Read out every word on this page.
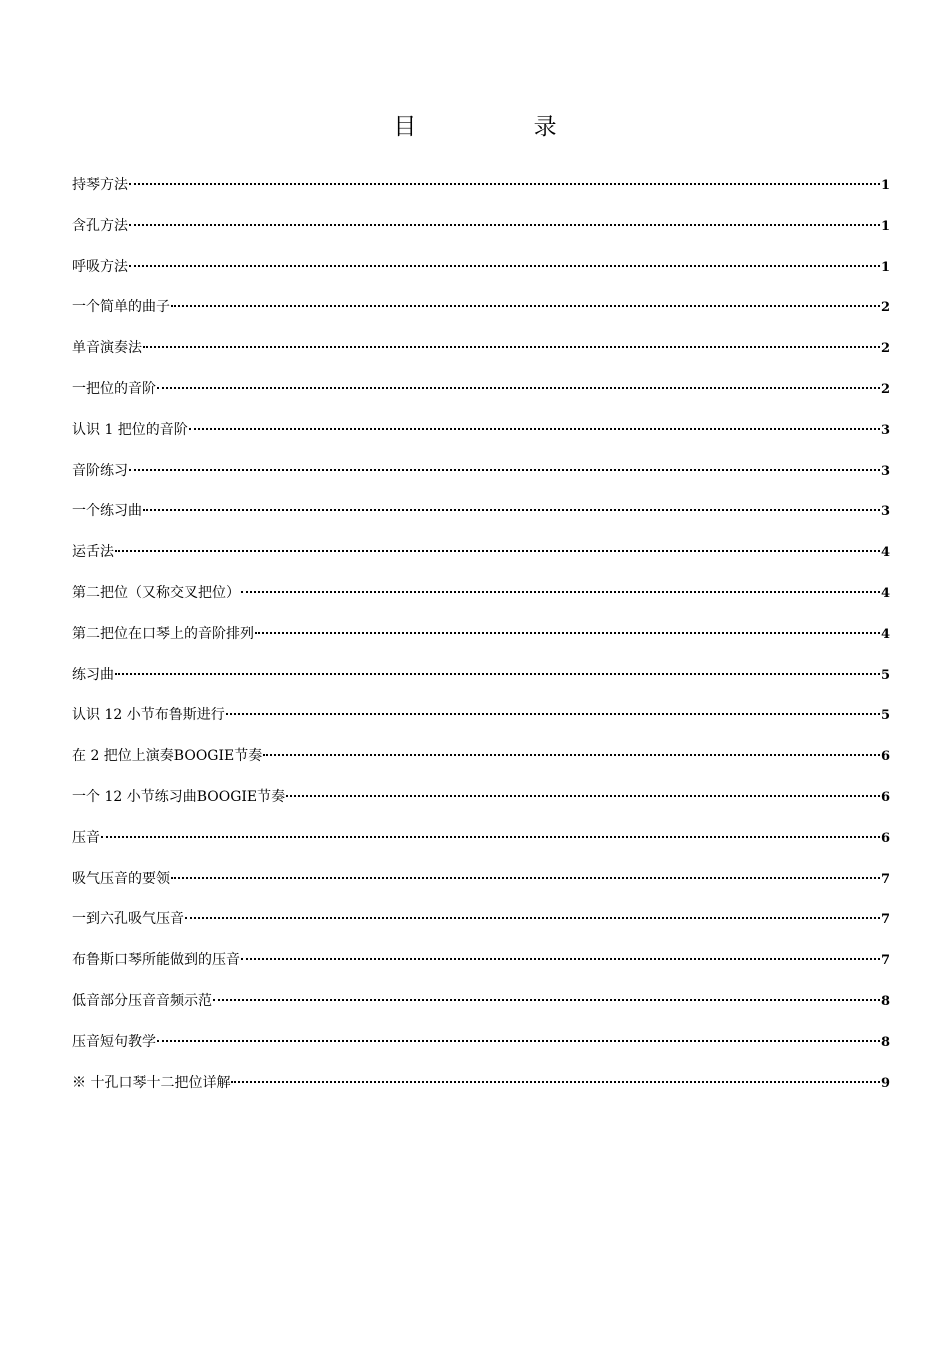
目 录
持琴方法	1
含孔方法	1
呼吸方法	1
一个简单的曲子	2
单音演奏法	2
一把位的音阶	2
认识 1 把位的音阶	3
音阶练习	3
一个练习曲	3
运舌法	4
第二把位（又称交叉把位）	4
第二把位在口琴上的音阶排列	4
练习曲	5
认识 12 小节布鲁斯进行	5
在 2 把位上演奏BOOGIE节奏	6
一个 12 小节练习曲BOOGIE节奏	6
压音	6
吸气压音的要领	7
一到六孔吸气压音	7
布鲁斯口琴所能做到的压音	7
低音部分压音音频示范	8
压音短句教学	8
※ 十孔口琴十二把位详解	9
